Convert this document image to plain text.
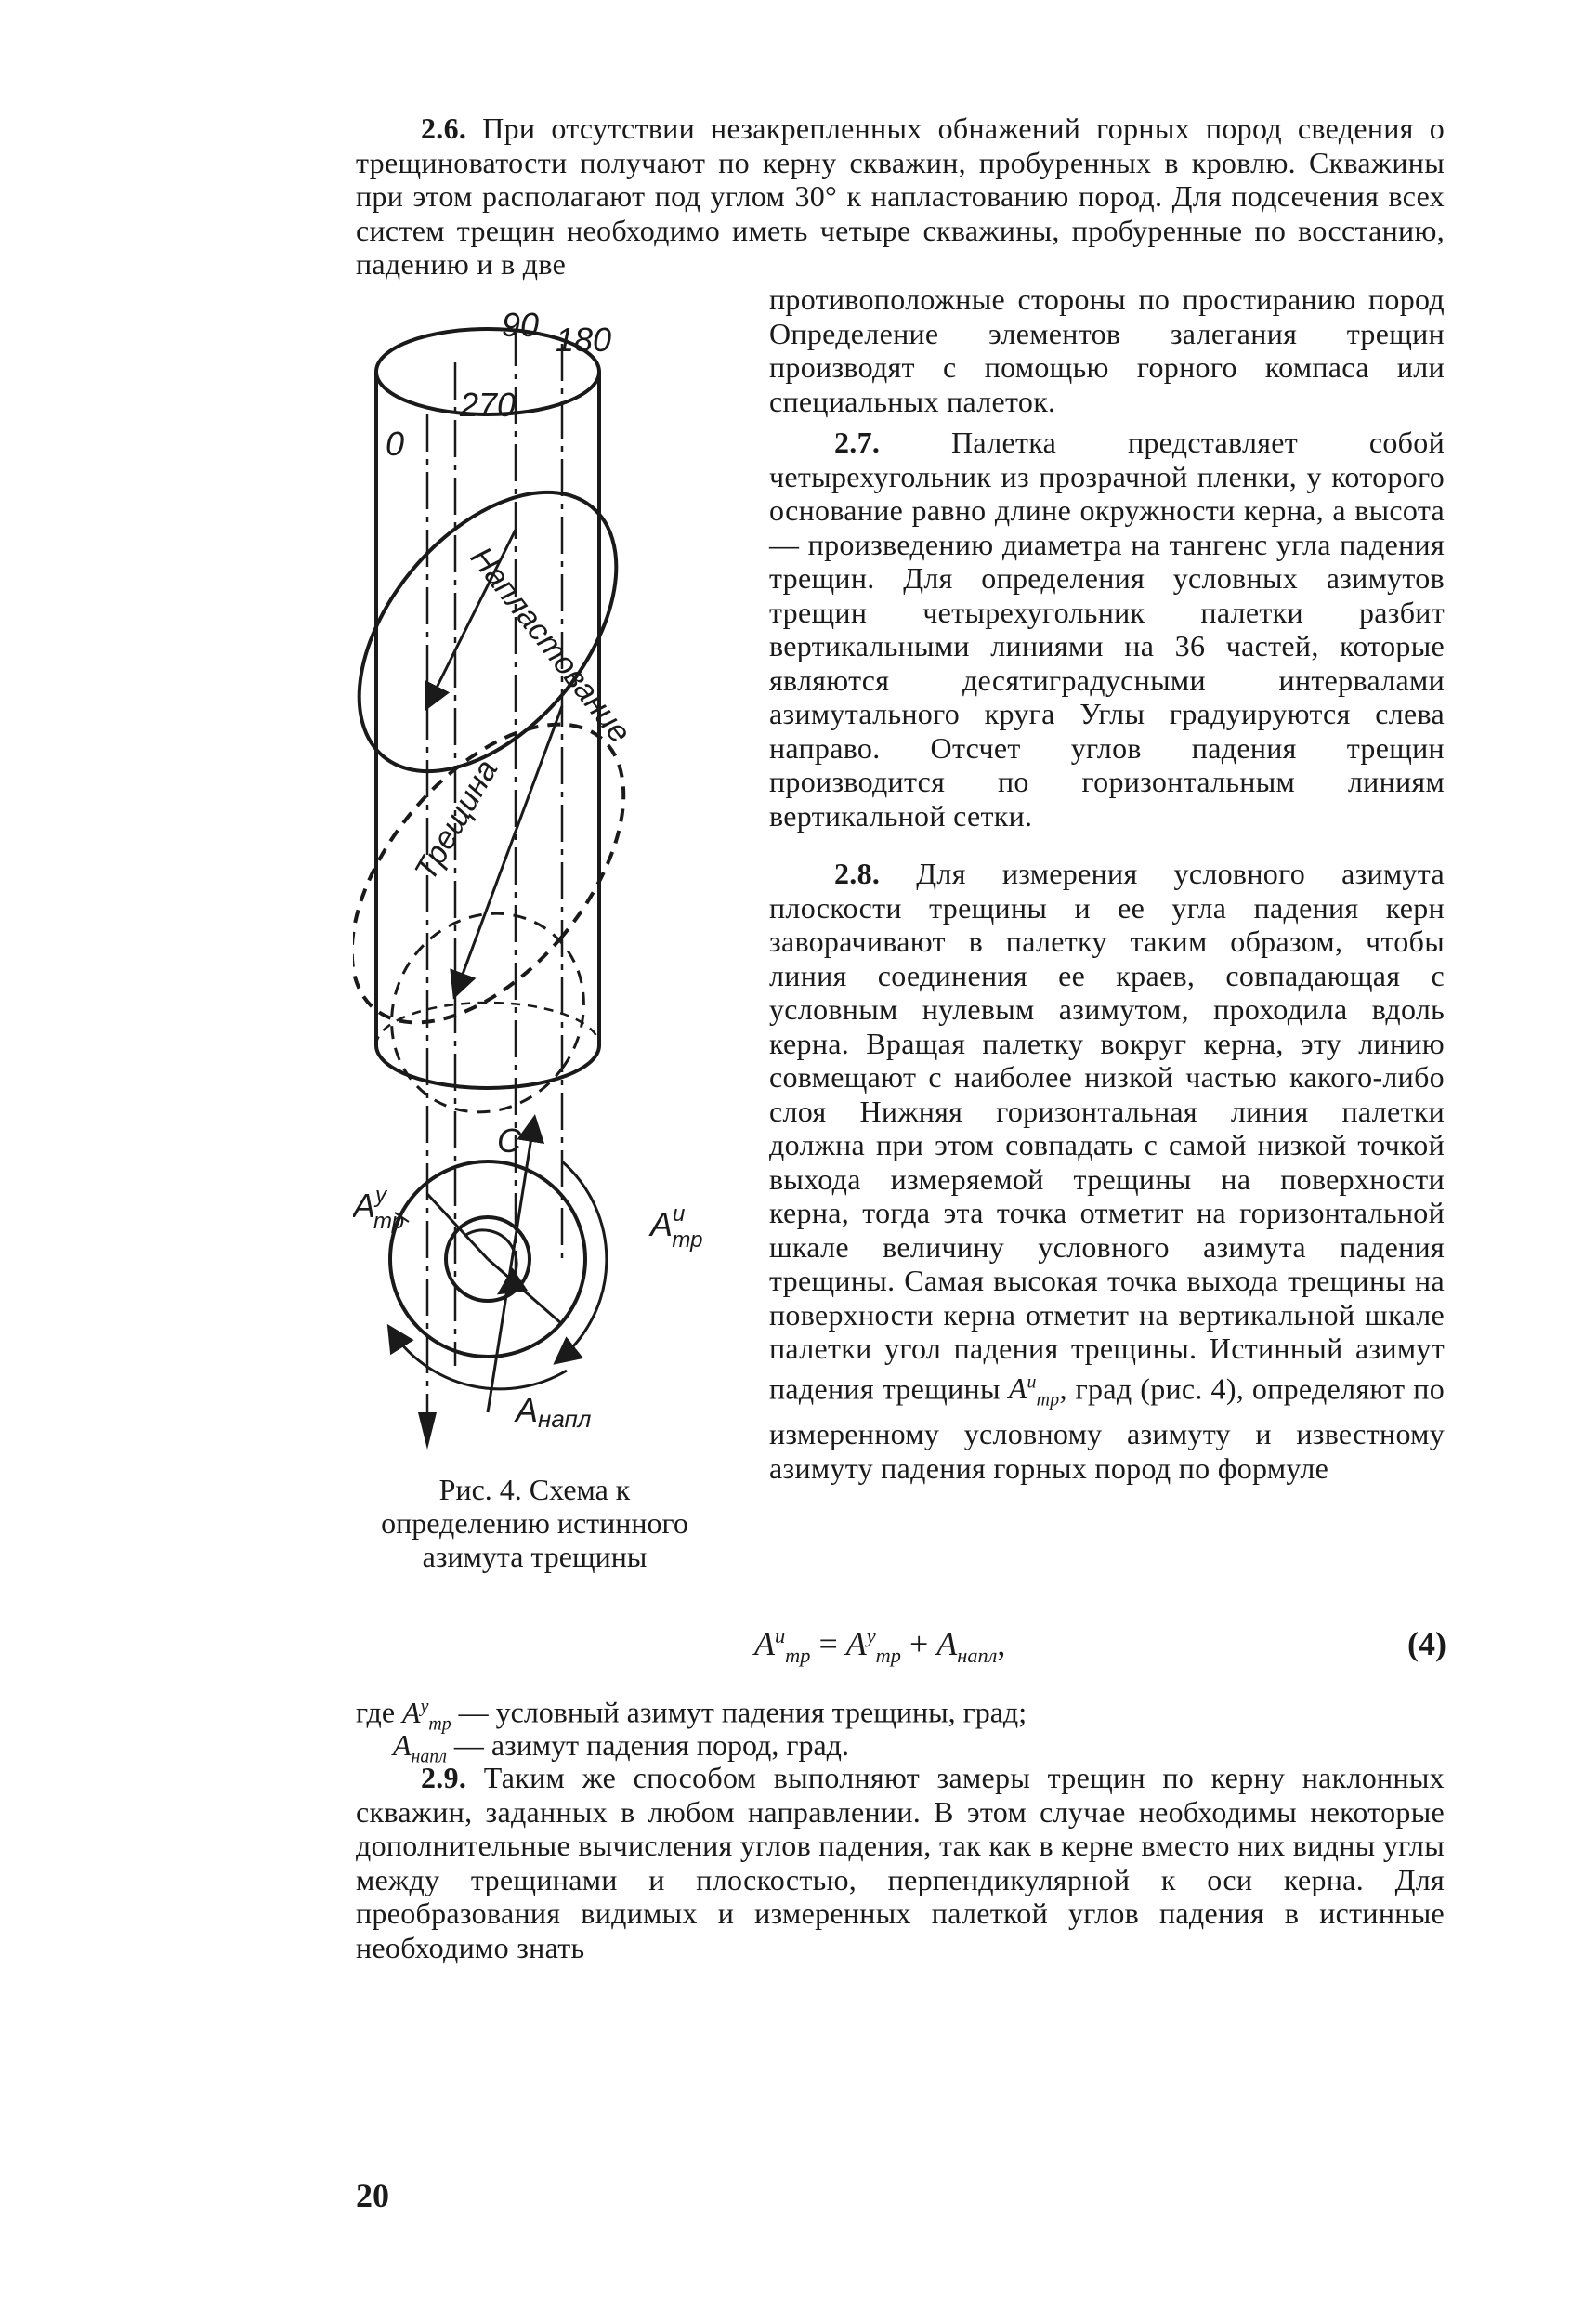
2.6. При отсутствии незакрепленных обнажений горных пород сведения о трещиноватости получают по керну скважин, пробуренных в кровлю. Скважины при этом располагают под углом 30° к напластованию пород. Для подсечения всех систем трещин необходимо иметь четыре скважины, пробуренные по восстанию, падению и в две

противоположные стороны по простиранию пород Определение элементов залегания трещин производят с помощью горного компаса или специальных палеток.

2.7. Палетка представляет собой четырехугольник из прозрачной пленки, у которого основание равно длине окружности керна, а высота — произведению диаметра на тангенс угла падения трещин. Для определения условных азимутов трещин четырехугольник палетки разбит вертикальными линиями на 36 частей, которые являются десятиградусными интервалами азимутального круга Углы градуируются слева направо. Отсчет углов падения трещин производится по горизонтальным линиям вертикальной сетки.

2.8. Для измерения условного азимута плоскости трещины и ее угла падения керн заворачивают в палетку таким образом, чтобы линия соединения ее краев, совпадающая с условным нулевым азимутом, проходила вдоль керна. Вращая палетку вокруг керна, эту линию совмещают с наиболее низкой частью какого-либо слоя Нижняя горизонтальная линия палетки должна при этом совпадать с самой низкой точкой выхода измеряемой трещины на поверхности керна, тогда эта точка отметит на горизонтальной шкале величину условного азимута падения трещины. Самая высокая точка выхода трещины на поверхности керна отметит на вертикальной шкале палетки угол падения трещины. Истинный азимут падения трещины $A^и_{тр}$, град (рис. 4), определяют по измеренному условному азимуту и известному азимуту падения горных пород по формуле

$A^и_{тр} = A^у_{тр} + A_{напл}$,	(4)
где $A^у_{тр}$ — условный азимут падения трещины, град;
$A_{напл}$ — азимут падения пород, град.

2.9. Таким же способом выполняют замеры трещин по керну наклонных скважин, заданных в любом направлении. В этом случае необходимы некоторые дополнительные вычисления углов падения, так как в керне вместо них видны углы между трещинами и плоскостью, перпендикулярной к оси керна. Для преобразования видимых и измеренных палеткой углов падения в истинные необходимо знать

90 180
270
0
Напластование
Трещина
С
$A^у$ тр	$A^и$ тр
Aнапл
Рис. 4. Схема к определению истинного азимута трещины
20
